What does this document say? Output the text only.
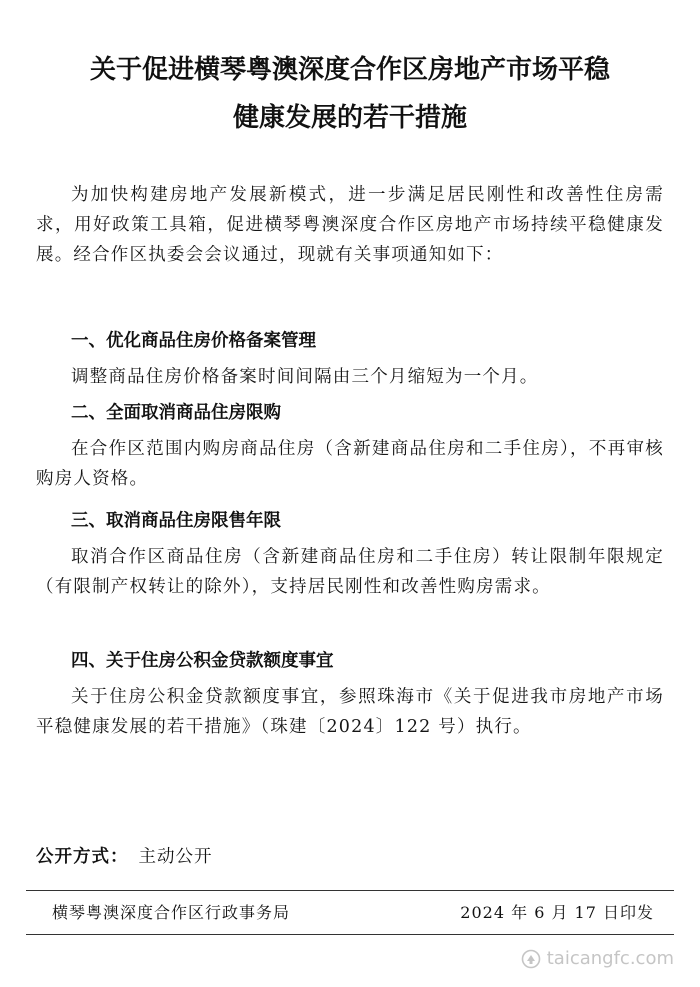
关于促进横琴粤澳深度合作区房地产市场平稳
健康发展的若干措施

为加快构建房地产发展新模式，进一步满足居民刚性和改善性住房需求，用好政策工具箱，促进横琴粤澳深度合作区房地产市场持续平稳健康发展。经合作区执委会会议通过，现就有关事项通知如下：

一、优化商品住房价格备案管理

调整商品住房价格备案时间间隔由三个月缩短为一个月。

二、全面取消商品住房限购

在合作区范围内购房商品住房（含新建商品住房和二手住房），不再审核购房人资格。

三、取消商品住房限售年限

取消合作区商品住房（含新建商品住房和二手住房）转让限制年限规定（有限制产权转让的除外），支持居民刚性和改善性购房需求。

四、关于住房公积金贷款额度事宜

关于住房公积金贷款额度事宜，参照珠海市《关于促进我市房地产市场平稳健康发展的若干措施》（珠建〔2024〕122 号）执行。

公开方式： 主动公开

横琴粤澳深度合作区行政事务局	2024 年 6 月 17 日印发

taicangfc.com
